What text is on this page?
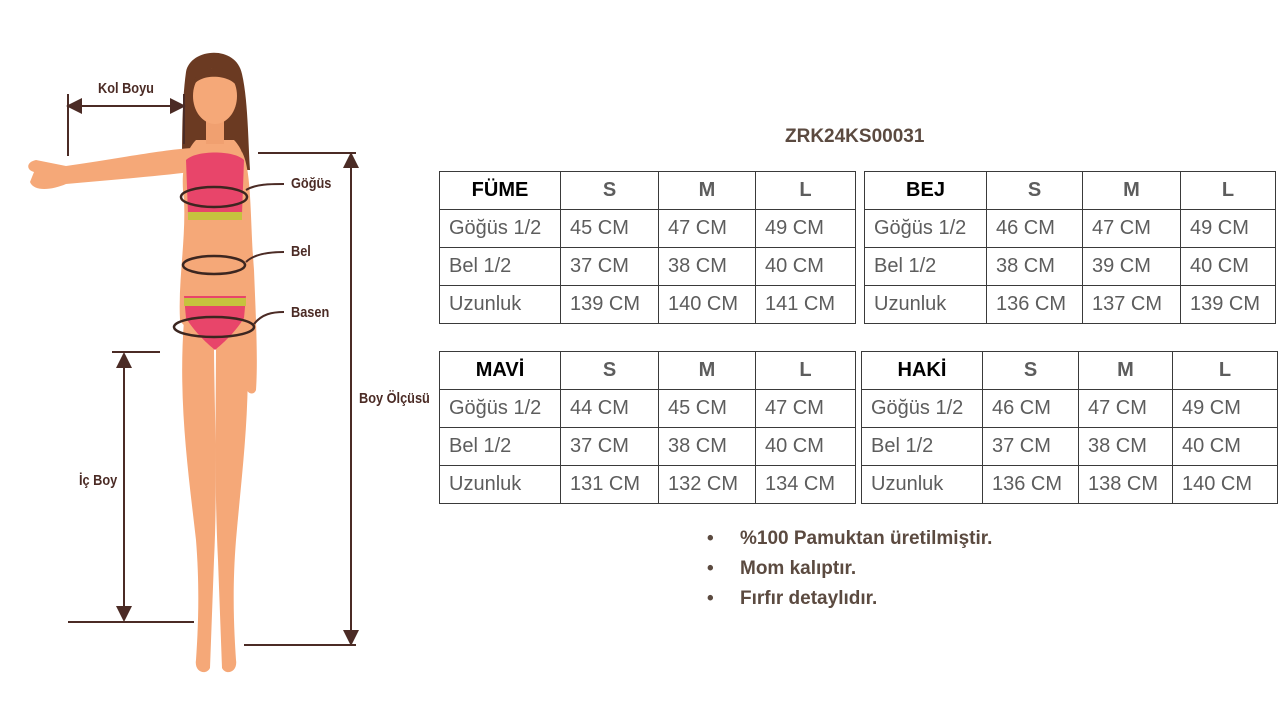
Kol Boyu
Göğüs
Bel
Basen
Boy Ölçüsü
İç Boy
ZRK24KS00031
FÜME	S	M	L
Göğüs 1/2	45 CM	47 CM	49 CM
Bel 1/2	37 CM	38 CM	40 CM
Uzunluk	139 CM	140 CM	141 CM
BEJ	S	M	L
Göğüs 1/2	46 CM	47 CM	49 CM
Bel 1/2	38 CM	39 CM	40 CM
Uzunluk	136 CM	137 CM	139 CM
MAVİ	S	M	L
Göğüs 1/2	44 CM	45 CM	47 CM
Bel 1/2	37 CM	38 CM	40 CM
Uzunluk	131 CM	132 CM	134 CM
HAKİ	S	M	L
Göğüs 1/2	46 CM	47 CM	49 CM
Bel 1/2	37 CM	38 CM	40 CM
Uzunluk	136 CM	138 CM	140 CM
• %100 Pamuktan üretilmiştir.
• Mom kalıptır.
• Fırfır detaylıdır.
